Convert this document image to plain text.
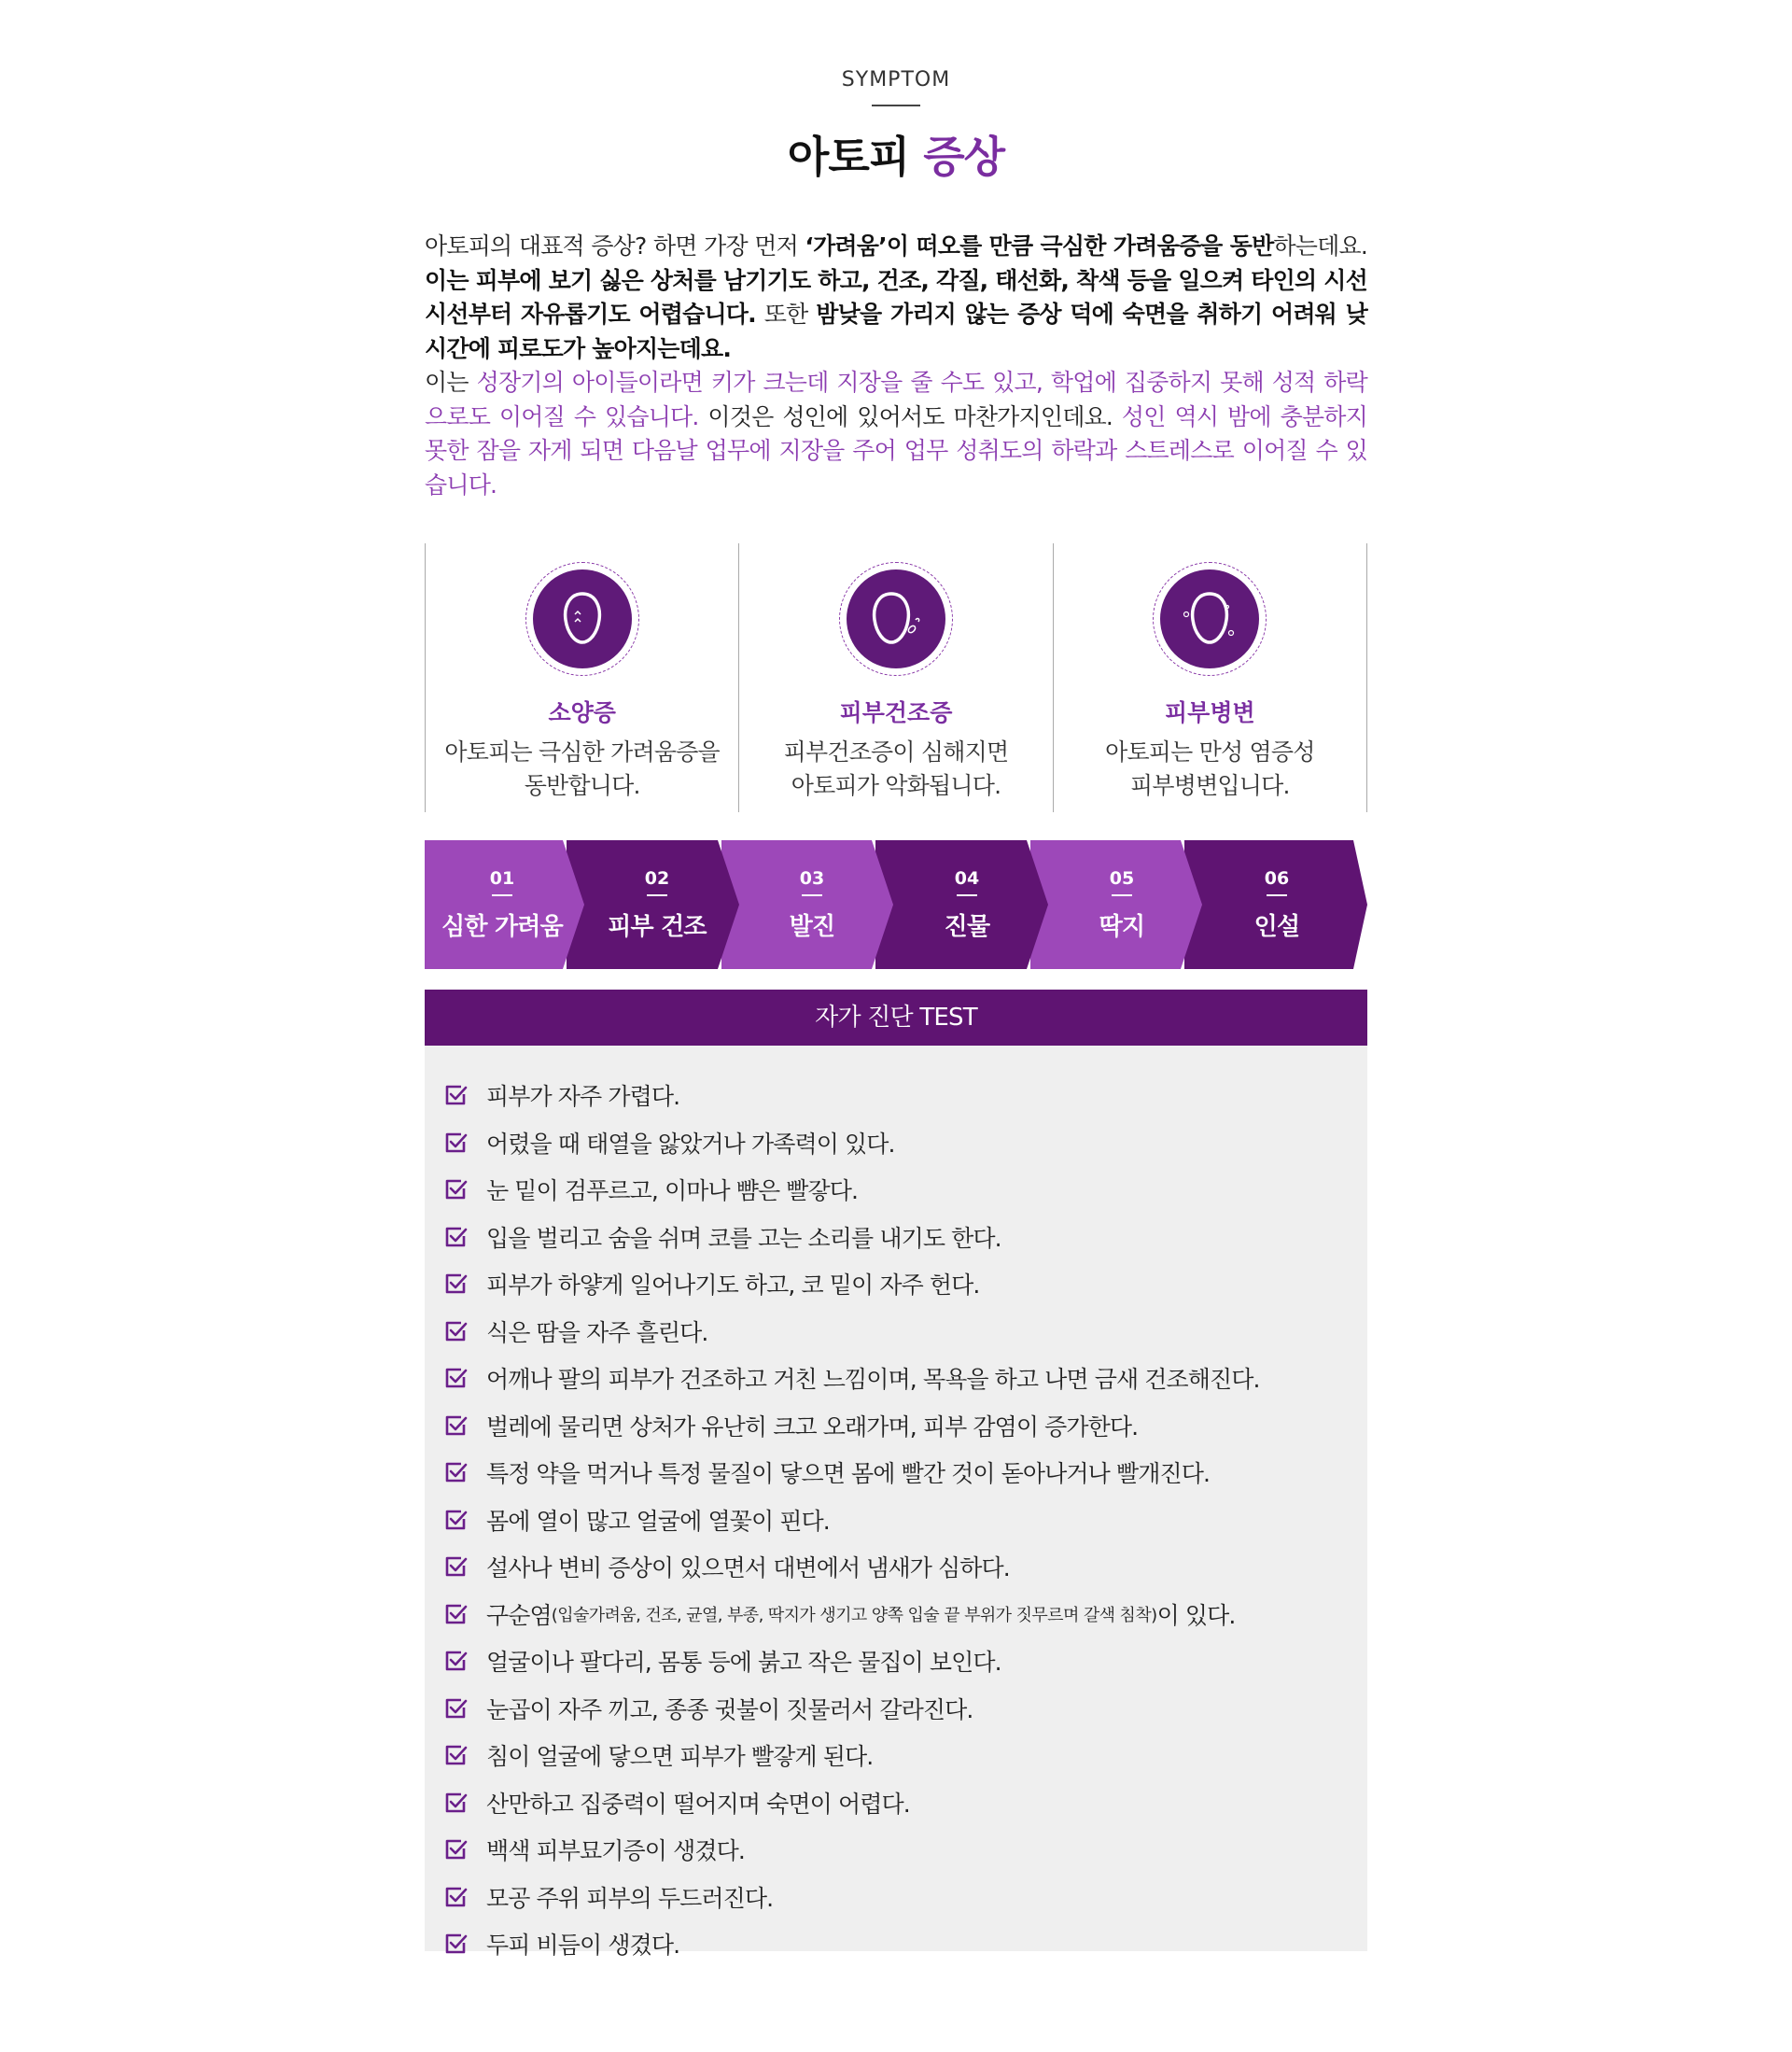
SYMPTOM
아토피 증상
아토피의 대표적 증상? 하면 가장 먼저 ‘가려움’이 떠오를 만큼 극심한 가려움증을 동반하는데요. 이는 피부에 보기 싫은 상처를 남기기도 하고, 건조, 각질, 태선화, 착색 등을 일으켜 타인의 시선시선부터 자유롭기도 어렵습니다. 또한 밤낮을 가리지 않는 증상 덕에 숙면을 취하기 어려워 낮 시간에 피로도가 높아지는데요.
이는 성장기의 아이들이라면 키가 크는데 지장을 줄 수도 있고, 학업에 집중하지 못해 성적 하락으로도 이어질 수 있습니다. 이것은 성인에 있어서도 마찬가지인데요. 성인 역시 밤에 충분하지 못한 잠을 자게 되면 다음날 업무에 지장을 주어 업무 성취도의 하락과 스트레스로 이어질 수 있습니다.
소양증
아토피는 극심한 가려움증을
동반합니다.
피부건조증
피부건조증이 심해지면
아토피가 악화됩니다.
피부병변
아토피는 만성 염증성
피부병변입니다.
01
심한 가려움
02
피부 건조
03
발진
04
진물
05
딱지
06
인설
자가 진단 TEST
피부가 자주 가렵다.
어렸을 때 태열을 앓았거나 가족력이 있다.
눈 밑이 검푸르고, 이마나 뺨은 빨갛다.
입을 벌리고 숨을 쉬며 코를 고는 소리를 내기도 한다.
피부가 하얗게 일어나기도 하고, 코 밑이 자주 헌다.
식은 땀을 자주 흘린다.
어깨나 팔의 피부가 건조하고 거친 느낌이며, 목욕을 하고 나면 금새 건조해진다.
벌레에 물리면 상처가 유난히 크고 오래가며, 피부 감염이 증가한다.
특정 약을 먹거나 특정 물질이 닿으면 몸에 빨간 것이 돋아나거나 빨개진다.
몸에 열이 많고 얼굴에 열꽃이 핀다.
설사나 변비 증상이 있으면서 대변에서 냄새가 심하다.
구순염 (입술가려움, 건조, 균열, 부종, 딱지가 생기고 양쪽 입술 끝 부위가 짓무르며 갈색 침착) 이 있다.
얼굴이나 팔다리, 몸통 등에 붉고 작은 물집이 보인다.
눈곱이 자주 끼고, 종종 귓불이 짓물러서 갈라진다.
침이 얼굴에 닿으면 피부가 빨갛게 된다.
산만하고 집중력이 떨어지며 숙면이 어렵다.
백색 피부묘기증이 생겼다.
모공 주위 피부의 두드러진다.
두피 비듬이 생겼다.
